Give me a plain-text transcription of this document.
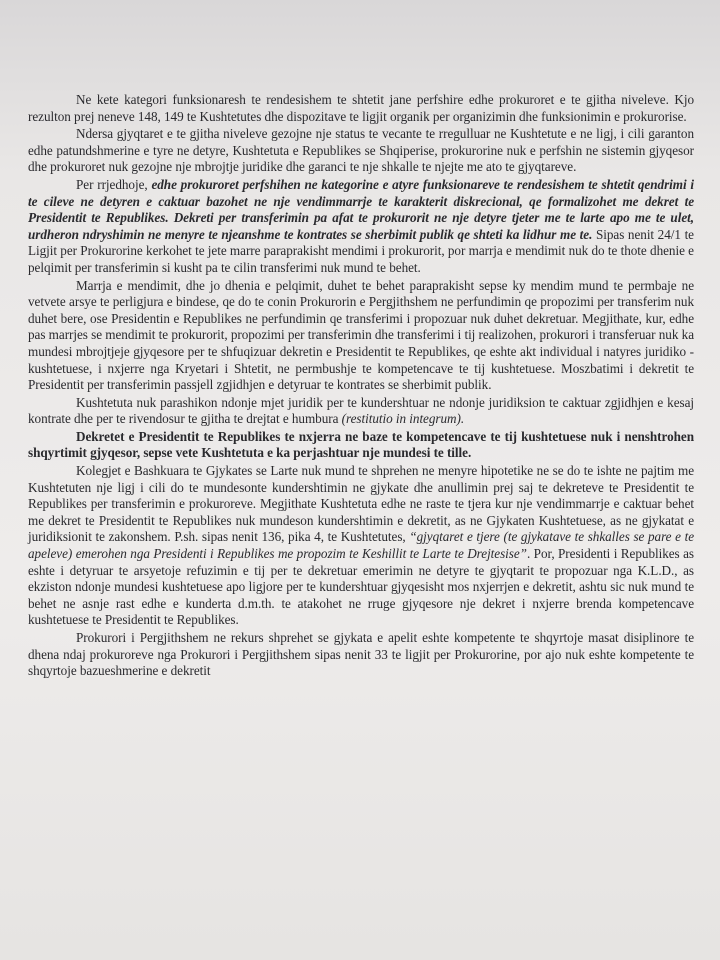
Ne kete kategori funksionaresh te rendesishem te shtetit jane perfshire edhe prokuroret e te gjitha niveleve. Kjo rezulton prej neneve 148, 149 te Kushtetutes dhe dispozitave te ligjit organik per organizimin dhe funksionimin e prokurorise.

Ndersa gjyqtaret e te gjitha niveleve gezojne nje status te vecante te rregulluar ne Kushtetute e ne ligj, i cili garanton edhe patundshmerine e tyre ne detyre, Kushtetuta e Republikes se Shqiperise, prokurorine nuk e perfshin ne sistemin gjyqesor dhe prokuroret nuk gezojne nje mbrojtje juridike dhe garanci te nje shkalle te njejte me ato te gjyqtareve.

Per rrjedhoje, edhe prokuroret perfshihen ne kategorine e atyre funksionareve te rendesishem te shtetit qendrimi i te cileve ne detyren e caktuar bazohet ne nje vendimmarrje te karakterit diskrecional, qe formalizohet me dekret te Presidentit te Republikes. Dekreti per transferimin pa afat te prokurorit ne nje detyre tjeter me te larte apo me te ulet, urdheron ndryshimin ne menyre te njeanshme te kontrates se sherbimit publik qe shteti ka lidhur me te. Sipas nenit 24/1 te Ligjit per Prokurorine kerkohet te jete marre paraprakisht mendimi i prokurorit, por marrja e mendimit nuk do te thote dhenie e pelqimit per transferimin si kusht pa te cilin transferimi nuk mund te behet.

Marrja e mendimit, dhe jo dhenia e pelqimit, duhet te behet paraprakisht sepse ky mendim mund te permbaje ne vetvete arsye te perligjura e bindese, qe do te conin Prokurorin e Pergjithshem ne perfundimin qe propozimi per transferim nuk duhet bere, ose Presidentin e Republikes ne perfundimin qe transferimi i propozuar nuk duhet dekretuar. Megjithate, kur, edhe pas marrjes se mendimit te prokurorit, propozimi per transferimin dhe transferimi i tij realizohen, prokurori i transferuar nuk ka mundesi mbrojtjeje gjyqesore per te shfuqizuar dekretin e Presidentit te Republikes, qe eshte akt individual i natyres juridiko - kushtetuese, i nxjerre nga Kryetari i Shtetit, ne permbushje te kompetencave te tij kushtetuese. Moszbatimi i dekretit te Presidentit per transferimin passjell zgjidhjen e detyruar te kontrates se sherbimit publik.

Kushtetuta nuk parashikon ndonje mjet juridik per te kundershtuar ne ndonje juridiksion te caktuar zgjidhjen e kesaj kontrate dhe per te rivendosur te gjitha te drejtat e humbura (restitutio in integrum).

Dekretet e Presidentit te Republikes te nxjerra ne baze te kompetencave te tij kushtetuese nuk i nenshtrohen shqyrtimit gjyqesor, sepse vete Kushtetuta e ka perjashtuar nje mundesi te tille.

Kolegjet e Bashkuara te Gjykates se Larte nuk mund te shprehen ne menyre hipotetike ne se do te ishte ne pajtim me Kushtetuten nje ligj i cili do te mundesonte kundershtimin ne gjykate dhe anullimin prej saj te dekreteve te Presidentit te Republikes per transferimin e prokuroreve. Megjithate Kushtetuta edhe ne raste te tjera kur nje vendimmarrje e caktuar behet me dekret te Presidentit te Republikes nuk mundeson kundershtimin e dekretit, as ne Gjykaten Kushtetuese, as ne gjykatat e juridiksionit te zakonshem. P.sh. sipas nenit 136, pika 4, te Kushtetutes, “gjyqtaret e tjere (te gjykatave te shkalles se pare e te apeleve) emerohen nga Presidenti i Republikes me propozim te Keshillit te Larte te Drejtesise”. Por, Presidenti i Republikes as eshte i detyruar te arsyetoje refuzimin e tij per te dekretuar emerimin ne detyre te gjyqtarit te propozuar nga K.L.D., as ekziston ndonje mundesi kushtetuese apo ligjore per te kundershtuar gjyqesisht mos nxjerrjen e dekretit, ashtu sic nuk mund te behet ne asnje rast edhe e kunderta d.m.th. te atakohet ne rruge gjyqesore nje dekret i nxjerre brenda kompetencave kushtetuese te Presidentit te Republikes.

Prokurori i Pergjithshem ne rekurs shprehet se gjykata e apelit eshte kompetente te shqyrtoje masat disiplinore te dhena ndaj prokuroreve nga Prokurori i Pergjithshem sipas nenit 33 te ligjit per Prokurorine, por ajo nuk eshte kompetente te shqyrtoje bazueshmerine e dekretit
